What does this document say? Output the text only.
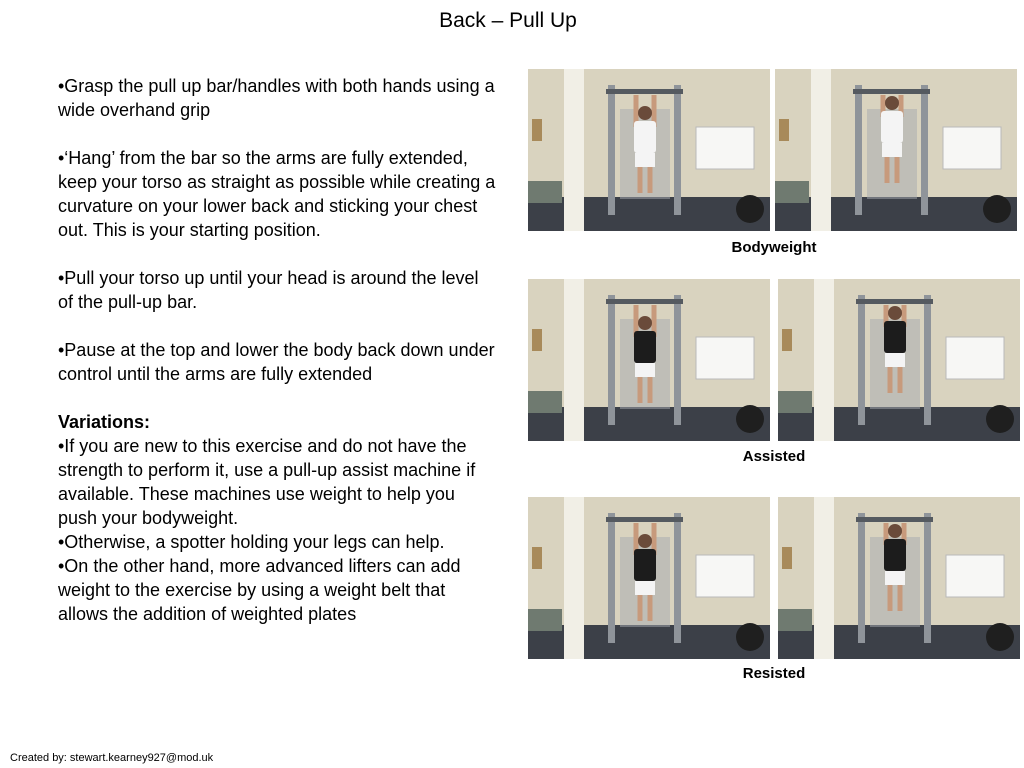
Back – Pull Up

•Grasp the pull up bar/handles with both hands using a wide overhand grip

•‘Hang’ from the bar so the arms are fully extended, keep your torso as straight as possible while creating a curvature on your lower back and sticking your chest out. This is your starting position.

•Pull your torso up until your head is around the level of the pull-up bar.

•Pause at the top and lower the body back down under control until the arms are fully extended

Variations:

•If you are new to this exercise and do not have the strength to perform it, use a pull-up assist machine if available. These machines use weight to help you push your bodyweight.

•Otherwise, a spotter holding your legs can help.

•On the other hand, more advanced lifters can add weight to the exercise by using a weight belt that allows the addition of weighted plates

Bodyweight
Assisted
Resisted
Created by: stewart.kearney927@mod.uk
